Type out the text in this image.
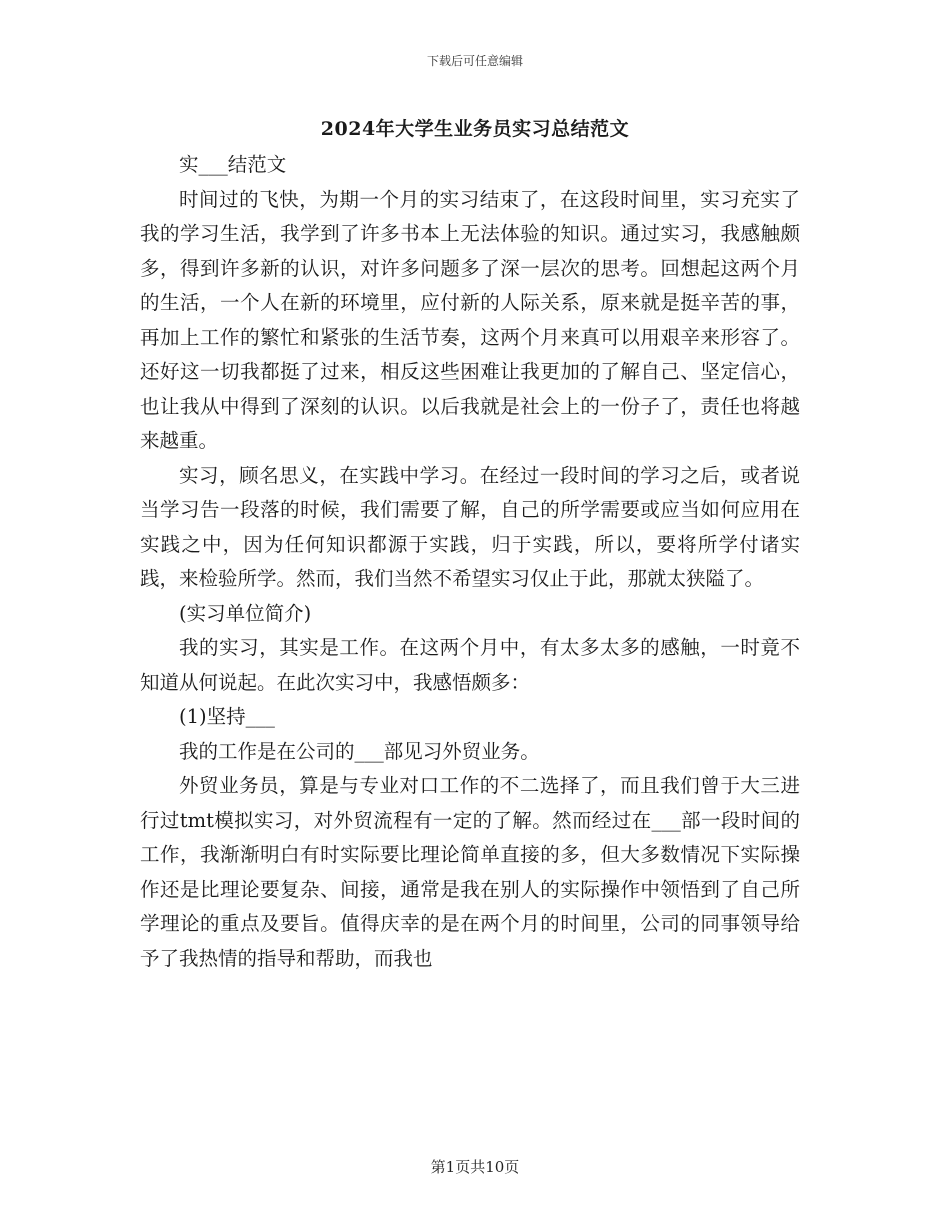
下载后可任意编辑
2024年大学生业务员实习总结范文

实___结范文

时间过的飞快，为期一个月的实习结束了，在这段时间里，实习充实了我的学习生活，我学到了许多书本上无法体验的知识。通过实习，我感触颇多，得到许多新的认识，对许多问题多了深一层次的思考。回想起这两个月的生活，一个人在新的环境里，应付新的人际关系，原来就是挺辛苦的事，再加上工作的繁忙和紧张的生活节奏，这两个月来真可以用艰辛来形容了。还好这一切我都挺了过来，相反这些困难让我更加的了解自己、坚定信心，也让我从中得到了深刻的认识。以后我就是社会上的一份子了，责任也将越来越重。

实习，顾名思义，在实践中学习。在经过一段时间的学习之后，或者说当学习告一段落的时候，我们需要了解，自己的所学需要或应当如何应用在实践之中，因为任何知识都源于实践，归于实践，所以，要将所学付诸实践，来检验所学。然而，我们当然不希望实习仅止于此，那就太狭隘了。

(实习单位简介)

我的实习，其实是工作。在这两个月中，有太多太多的感触，一时竟不知道从何说起。在此次实习中，我感悟颇多：

(1)坚持___

我的工作是在公司的___部见习外贸业务。

外贸业务员，算是与专业对口工作的不二选择了，而且我们曾于大三进行过tmt模拟实习，对外贸流程有一定的了解。然而经过在___部一段时间的工作，我渐渐明白有时实际要比理论简单直接的多，但大多数情况下实际操作还是比理论要复杂、间接，通常是我在别人的实际操作中领悟到了自己所学理论的重点及要旨。值得庆幸的是在两个月的时间里，公司的同事领导给予了我热情的指导和帮助，而我也

第1页共10页
